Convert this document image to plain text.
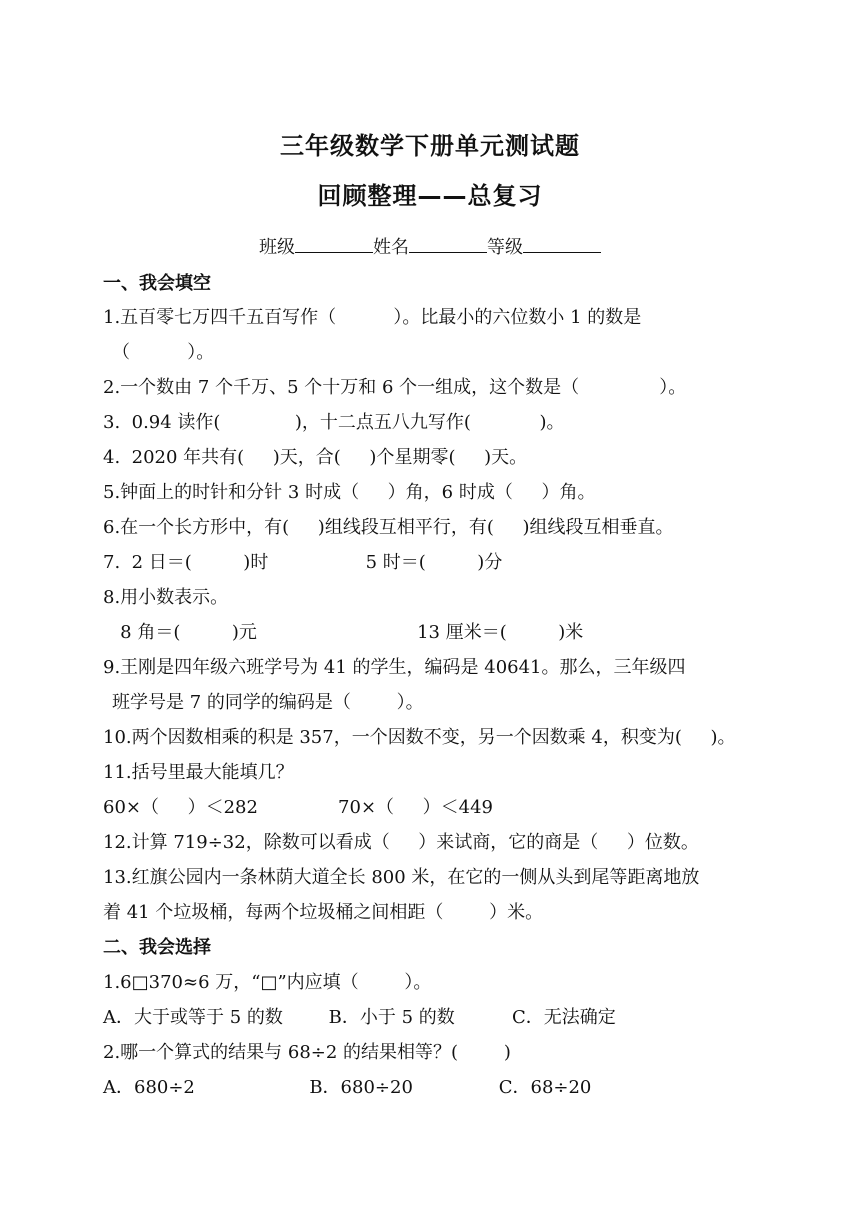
三年级数学下册单元测试题
回顾整理——总复习
班级	姓名	等级
一、我会填空
1.五百零七万四千五百写作（          ）。比最小的六位数小 1 的数是
（          ）。
2.一个数由 7 个千万、5 个十万和 6 个一组成，这个数是（              ）。
3.  0.94 读作(             )，十二点五八九写作(            )。
4.  2020 年共有(     )天，合(     )个星期零(     )天。
5.钟面上的时针和分针 3 时成（     ）角，6 时成（     ）角。
6.在一个长方形中，有(     )组线段互相平行，有(     )组线段互相垂直。
7.  2 日＝(         )时                 5 时＝(         )分
8.用小数表示。
8 角＝(         )元                            13 厘米＝(         )米
9.王刚是四年级六班学号为 41 的学生，编码是 40641。那么，三年级四
班学号是 7 的同学的编码是（        ）。
10.两个因数相乘的积是 357，一个因数不变，另一个因数乘 4，积变为(     )。
11.括号里最大能填几？
60×（     ）＜282              70×（     ）＜449
12.计算 719÷32，除数可以看成（     ）来试商，它的商是（     ）位数。
13.红旗公园内一条林荫大道全长 800 米，在它的一侧从头到尾等距离地放
着 41 个垃圾桶，每两个垃圾桶之间相距（        ）米。
二、我会选择
1.6□370≈6 万，“□”内应填（        ）。
A．大于或等于 5 的数        B．小于 5 的数          C．无法确定
2.哪一个算式的结果与 68÷2 的结果相等？(        )
A．680÷2                    B．680÷20               C．68÷20
